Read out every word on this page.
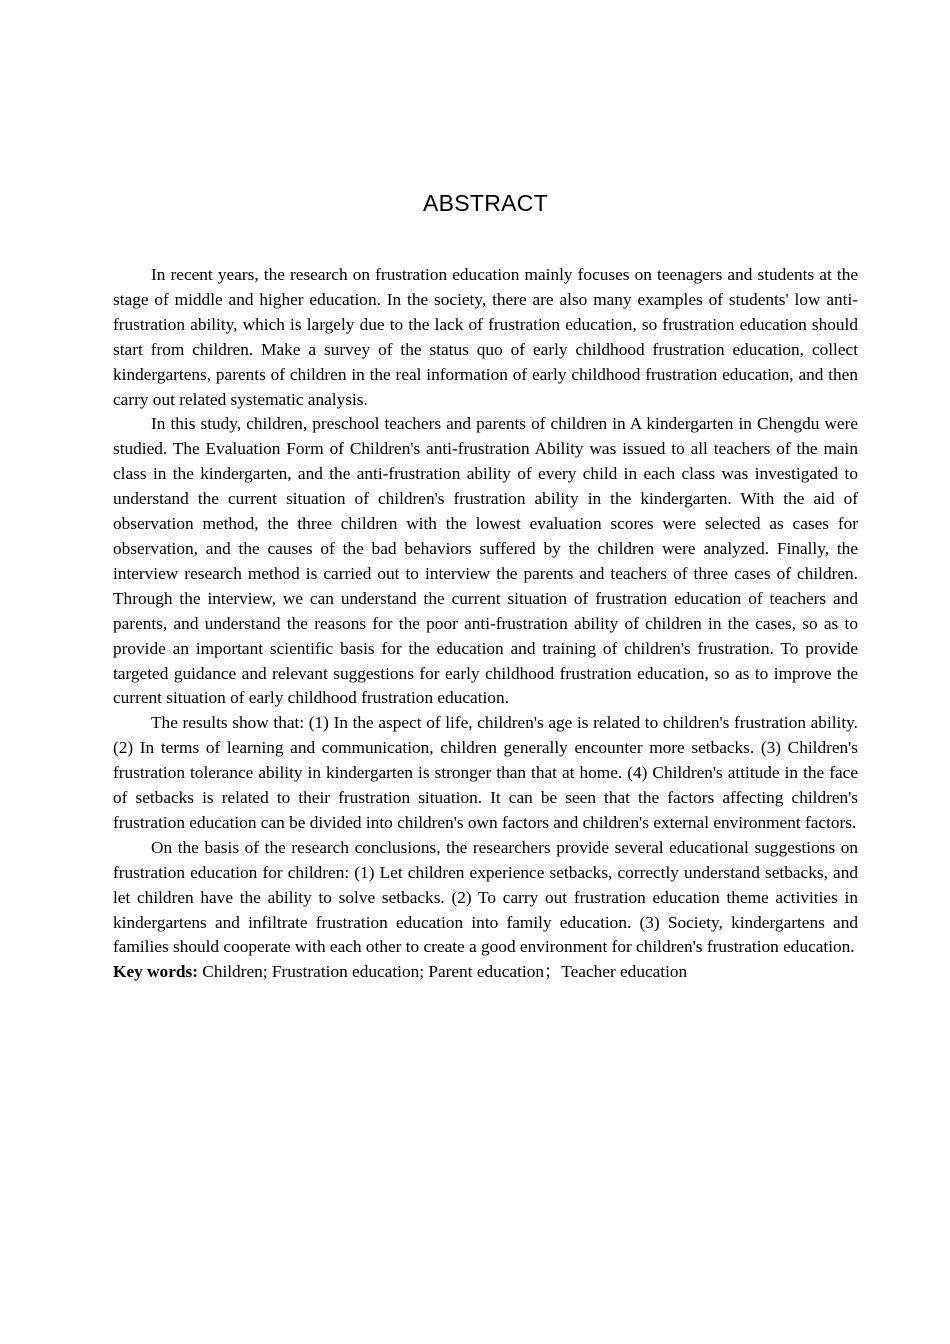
ABSTRACT

In recent years, the research on frustration education mainly focuses on teenagers and students at the stage of middle and higher education. In the society, there are also many examples of students' low anti-frustration ability, which is largely due to the lack of frustration education, so frustration education should start from children. Make a survey of the status quo of early childhood frustration education, collect kindergartens, parents of children in the real information of early childhood frustration education, and then carry out related systematic analysis.

In this study, children, preschool teachers and parents of children in A kindergarten in Chengdu were studied. The Evaluation Form of Children's anti-frustration Ability was issued to all teachers of the main class in the kindergarten, and the anti-frustration ability of every child in each class was investigated to understand the current situation of children's frustration ability in the kindergarten. With the aid of observation method, the three children with the lowest evaluation scores were selected as cases for observation, and the causes of the bad behaviors suffered by the children were analyzed. Finally, the interview research method is carried out to interview the parents and teachers of three cases of children. Through the interview, we can understand the current situation of frustration education of teachers and parents, and understand the reasons for the poor anti-frustration ability of children in the cases, so as to provide an important scientific basis for the education and training of children's frustration. To provide targeted guidance and relevant suggestions for early childhood frustration education, so as to improve the current situation of early childhood frustration education.

The results show that: (1) In the aspect of life, children's age is related to children's frustration ability. (2) In terms of learning and communication, children generally encounter more setbacks. (3) Children's frustration tolerance ability in kindergarten is stronger than that at home. (4) Children's attitude in the face of setbacks is related to their frustration situation. It can be seen that the factors affecting children's frustration education can be divided into children's own factors and children's external environment factors.

On the basis of the research conclusions, the researchers provide several educational suggestions on frustration education for children: (1) Let children experience setbacks, correctly understand setbacks, and let children have the ability to solve setbacks. (2) To carry out frustration education theme activities in kindergartens and infiltrate frustration education into family education. (3) Society, kindergartens and families should cooperate with each other to create a good environment for children's frustration education.

Key words: Children; Frustration education; Parent education；Teacher education
